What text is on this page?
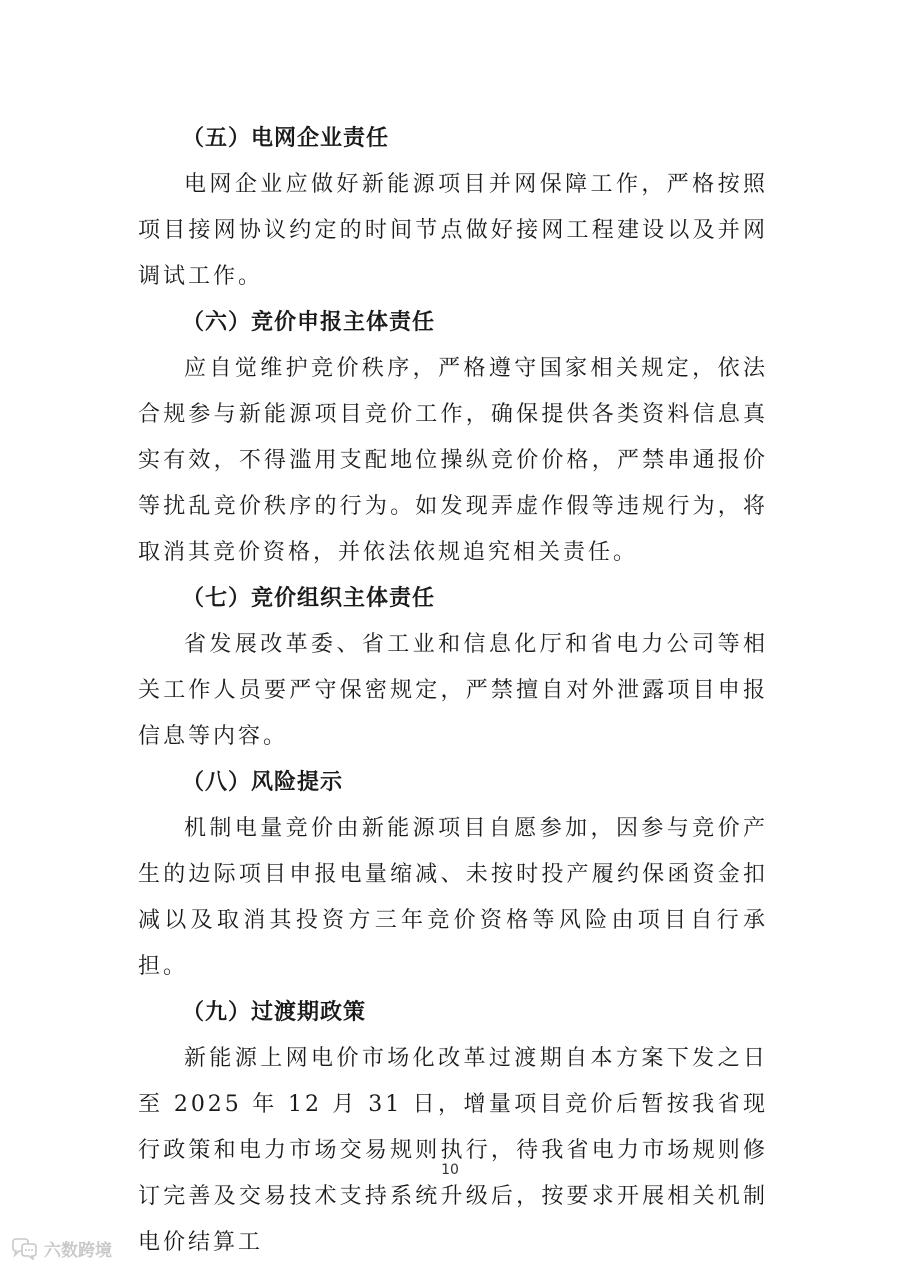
（五）电网企业责任

电网企业应做好新能源项目并网保障工作，严格按照项目接网协议约定的时间节点做好接网工程建设以及并网调试工作。

（六）竞价申报主体责任

应自觉维护竞价秩序，严格遵守国家相关规定，依法合规参与新能源项目竞价工作，确保提供各类资料信息真实有效，不得滥用支配地位操纵竞价价格，严禁串通报价等扰乱竞价秩序的行为。如发现弄虚作假等违规行为，将取消其竞价资格，并依法依规追究相关责任。

（七）竞价组织主体责任

省发展改革委、省工业和信息化厅和省电力公司等相关工作人员要严守保密规定，严禁擅自对外泄露项目申报信息等内容。

（八）风险提示

机制电量竞价由新能源项目自愿参加，因参与竞价产生的边际项目申报电量缩减、未按时投产履约保函资金扣减以及取消其投资方三年竞价资格等风险由项目自行承担。

（九）过渡期政策

新能源上网电价市场化改革过渡期自本方案下发之日至 2025 年 12 月 31 日，增量项目竞价后暂按我省现行政策和电力市场交易规则执行，待我省电力市场规则修订完善及交易技术支持系统升级后，按要求开展相关机制电价结算工

10
六数跨境
